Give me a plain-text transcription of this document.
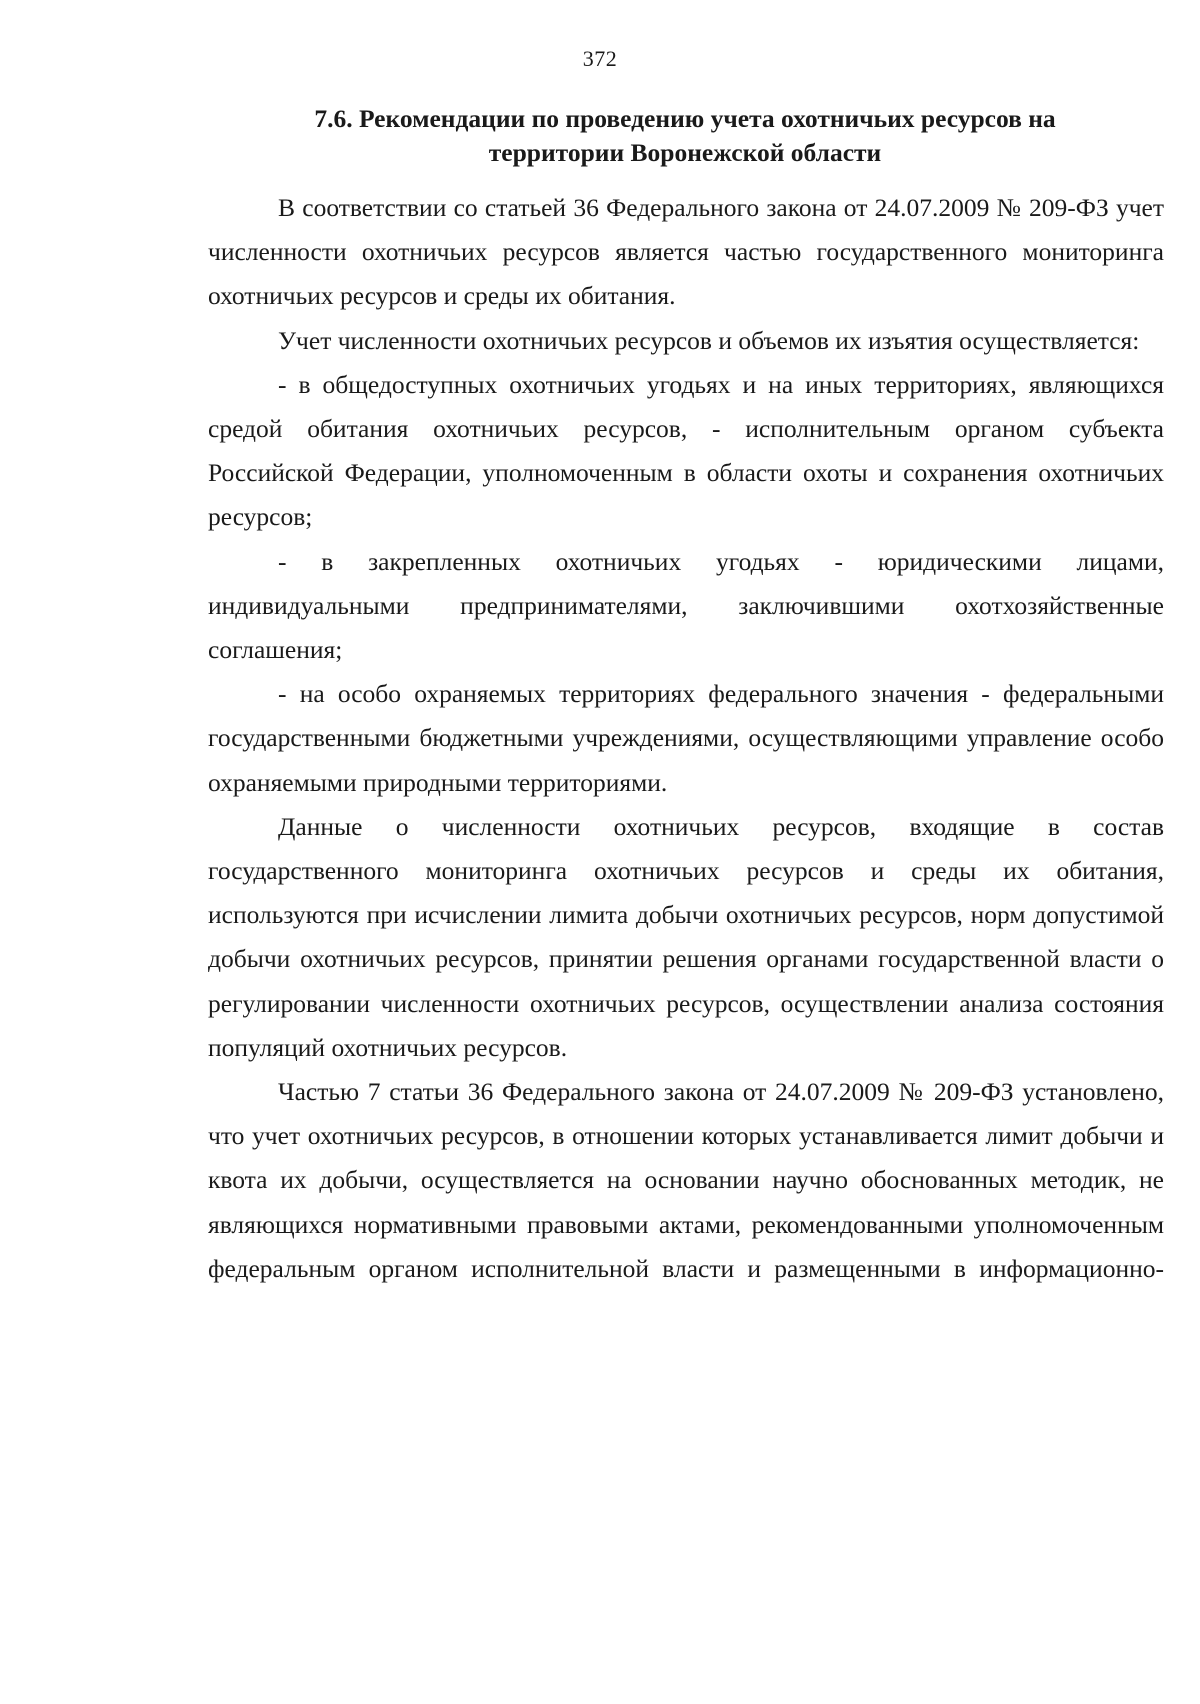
372
7.6. Рекомендации по проведению учета охотничьих ресурсов на
территории Воронежской области

В соответствии со статьей 36 Федерального закона от 24.07.2009 № 209-ФЗ учет численности охотничьих ресурсов является частью государственного мониторинга охотничьих ресурсов и среды их обитания.

Учет численности охотничьих ресурсов и объемов их изъятия осуществляется:

- в общедоступных охотничьих угодьях и на иных территориях, являющихся средой обитания охотничьих ресурсов, - исполнительным органом субъекта Российской Федерации, уполномоченным в области охоты и сохранения охотничьих ресурсов;

- в закрепленных охотничьих угодьях - юридическими лицами, индивидуальными предпринимателями, заключившими охотхозяйственные соглашения;

- на особо охраняемых территориях федерального значения - федеральными государственными бюджетными учреждениями, осуществляющими управление особо охраняемыми природными территориями.

Данные о численности охотничьих ресурсов, входящие в состав государственного мониторинга охотничьих ресурсов и среды их обитания, используются при исчислении лимита добычи охотничьих ресурсов, норм допустимой добычи охотничьих ресурсов, принятии решения органами государственной власти о регулировании численности охотничьих ресурсов, осуществлении анализа состояния популяций охотничьих ресурсов.

Частью 7 статьи 36 Федерального закона от 24.07.2009 № 209-ФЗ установлено, что учет охотничьих ресурсов, в отношении которых устанавливается лимит добычи и квота их добычи, осуществляется на основании научно обоснованных методик, не являющихся нормативными правовыми актами, рекомендованными уполномоченным федеральным органом исполнительной власти и размещенными в информационно-
